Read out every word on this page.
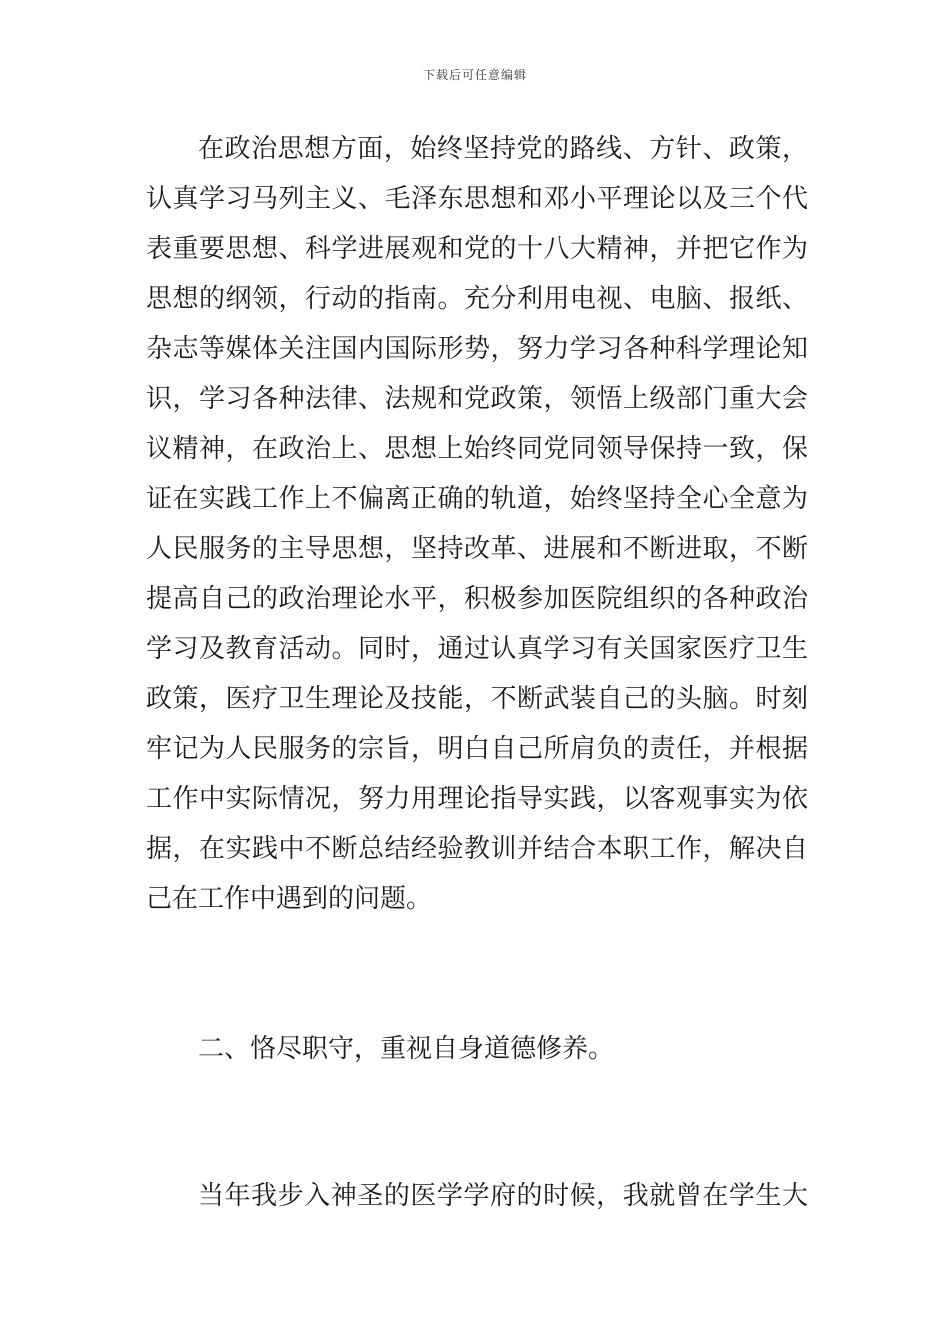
下载后可任意编辑
在政治思想方面，始终坚持党的路线、方针、政策，
认真学习马列主义、毛泽东思想和邓小平理论以及三个代
表重要思想、科学进展观和党的十八大精神，并把它作为
思想的纲领，行动的指南。充分利用电视、电脑、报纸、
杂志等媒体关注国内国际形势，努力学习各种科学理论知
识，学习各种法律、法规和党政策，领悟上级部门重大会
议精神，在政治上、思想上始终同党同领导保持一致，保
证在实践工作上不偏离正确的轨道，始终坚持全心全意为
人民服务的主导思想，坚持改革、进展和不断进取，不断
提高自己的政治理论水平，积极参加医院组织的各种政治
学习及教育活动。同时，通过认真学习有关国家医疗卫生
政策，医疗卫生理论及技能，不断武装自己的头脑。时刻
牢记为人民服务的宗旨，明白自己所肩负的责任，并根据
工作中实际情况，努力用理论指导实践，以客观事实为依
据，在实践中不断总结经验教训并结合本职工作，解决自
己在工作中遇到的问题。
二、恪尽职守，重视自身道德修养。
当年我步入神圣的医学学府的时候，我就曾在学生大
